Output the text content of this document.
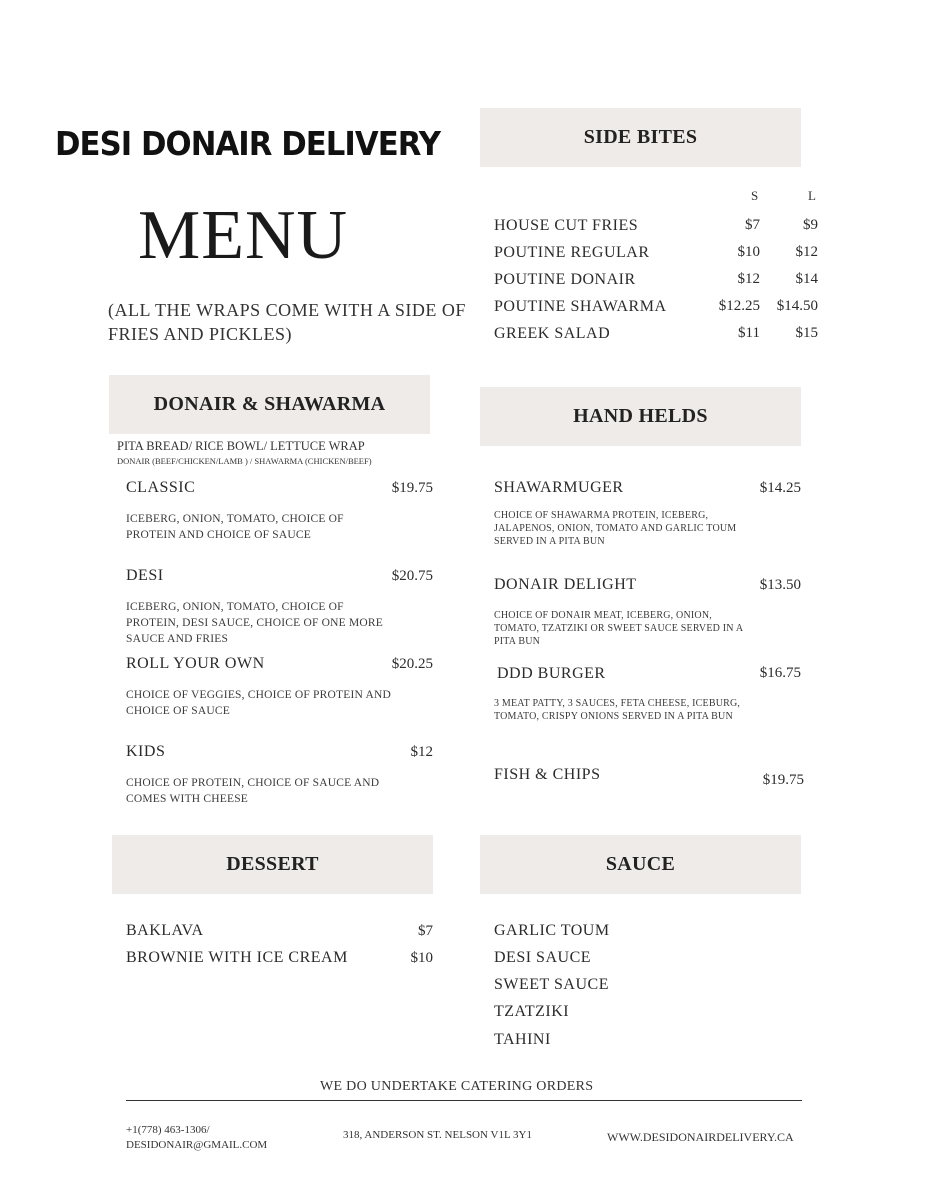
DESI DONAIR DELIVERY
MENU
(ALL THE WRAPS COME WITH A SIDE OF FRIES AND PICKLES)
SIDE BITES
S	L
HOUSE CUT FRIES	$7	$9
POUTINE REGULAR	$10	$12
POUTINE DONAIR	$12	$14
POUTINE SHAWARMA	$12.25	$14.50
GREEK SALAD	$11	$15
DONAIR & SHAWARMA
PITA BREAD/ RICE BOWL/ LETTUCE WRAP
DONAIR (BEEF/CHICKEN/LAMB ) / SHAWARMA (CHICKEN/BEEF)
CLASSIC	$19.75
ICEBERG, ONION, TOMATO, CHOICE OF PROTEIN AND CHOICE OF SAUCE
DESI	$20.75
ICEBERG, ONION, TOMATO, CHOICE OF PROTEIN, DESI SAUCE, CHOICE OF ONE MORE SAUCE AND FRIES
ROLL YOUR OWN	$20.25
CHOICE OF VEGGIES, CHOICE OF PROTEIN AND CHOICE OF SAUCE
KIDS	$12
CHOICE OF PROTEIN, CHOICE OF SAUCE AND COMES WITH CHEESE
HAND HELDS
SHAWARMUGER	$14.25
CHOICE OF SHAWARMA PROTEIN, ICEBERG, JALAPENOS, ONION, TOMATO AND GARLIC TOUM SERVED IN A PITA BUN
DONAIR DELIGHT	$13.50
CHOICE OF DONAIR MEAT, ICEBERG, ONION, TOMATO, TZATZIKI OR SWEET SAUCE SERVED IN A PITA BUN
DDD BURGER	$16.75
3 MEAT PATTY, 3 SAUCES, FETA CHEESE, ICEBURG, TOMATO, CRISPY ONIONS SERVED IN A PITA BUN
FISH & CHIPS	$19.75
DESSERT
BAKLAVA	$7
BROWNIE WITH ICE CREAM	$10
SAUCE
GARLIC TOUM
DESI SAUCE
SWEET SAUCE
TZATZIKI
TAHINI
WE DO UNDERTAKE CATERING ORDERS
+1(778) 463-1306/
DESIDONAIR@GMAIL.COM
318, ANDERSON ST. NELSON V1L 3Y1	WWW.DESIDONAIRDELIVERY.CA
